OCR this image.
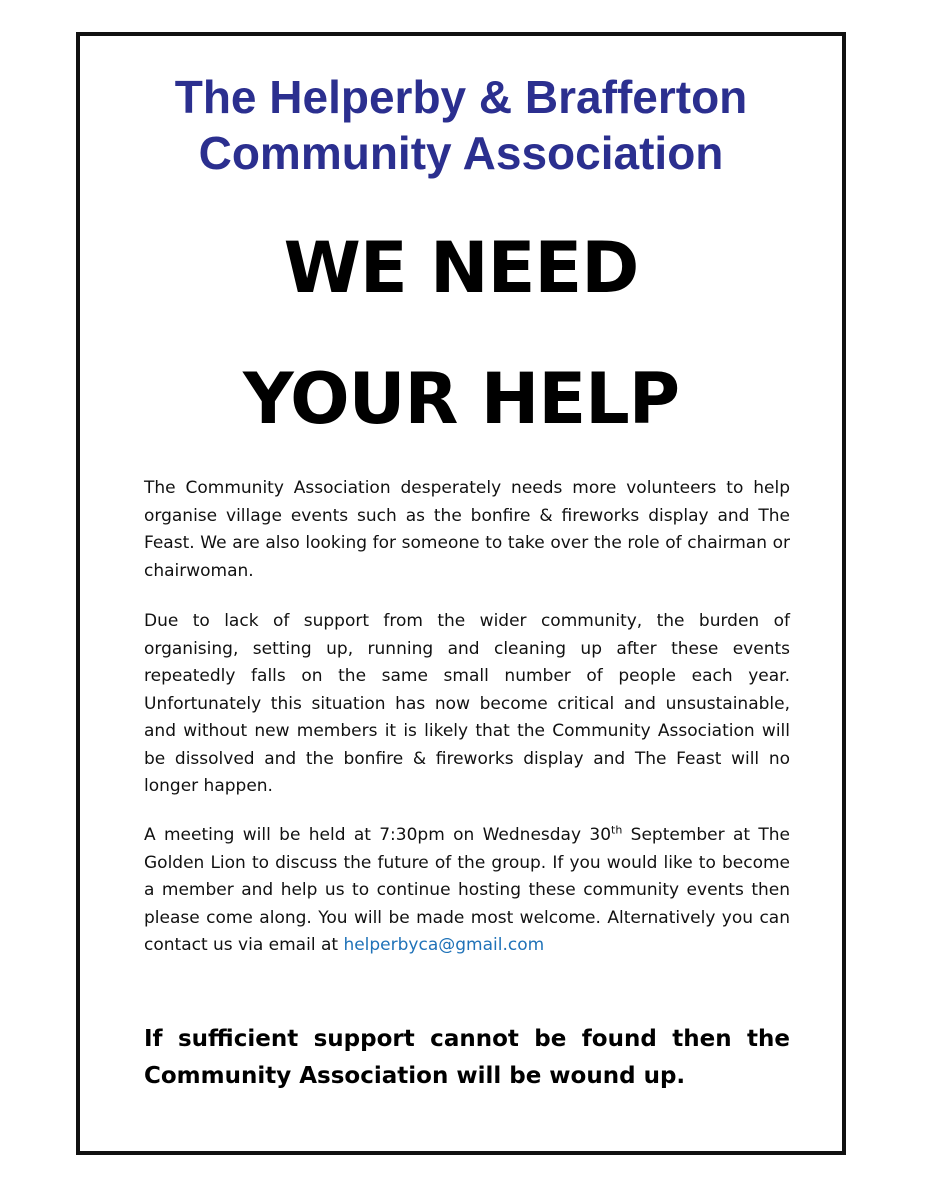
The Helperby & Brafferton
Community Association
WE NEED
YOUR HELP

The Community Association desperately needs more volunteers to help organise village events such as the bonfire & fireworks display and The Feast. We are also looking for someone to take over the role of chairman or chairwoman.

Due to lack of support from the wider community, the burden of organising, setting up, running and cleaning up after these events repeatedly falls on the same small number of people each year. Unfortunately this situation has now become critical and unsustainable, and without new members it is likely that the Community Association will be dissolved and the bonfire & fireworks display and The Feast will no longer happen.

A meeting will be held at 7:30pm on Wednesday 30th September at The Golden Lion to discuss the future of the group. If you would like to become a member and help us to continue hosting these community events then please come along. You will be made most welcome. Alternatively you can contact us via email at helperbyca@gmail.com

If sufficient support cannot be found then the Community Association will be wound up.
